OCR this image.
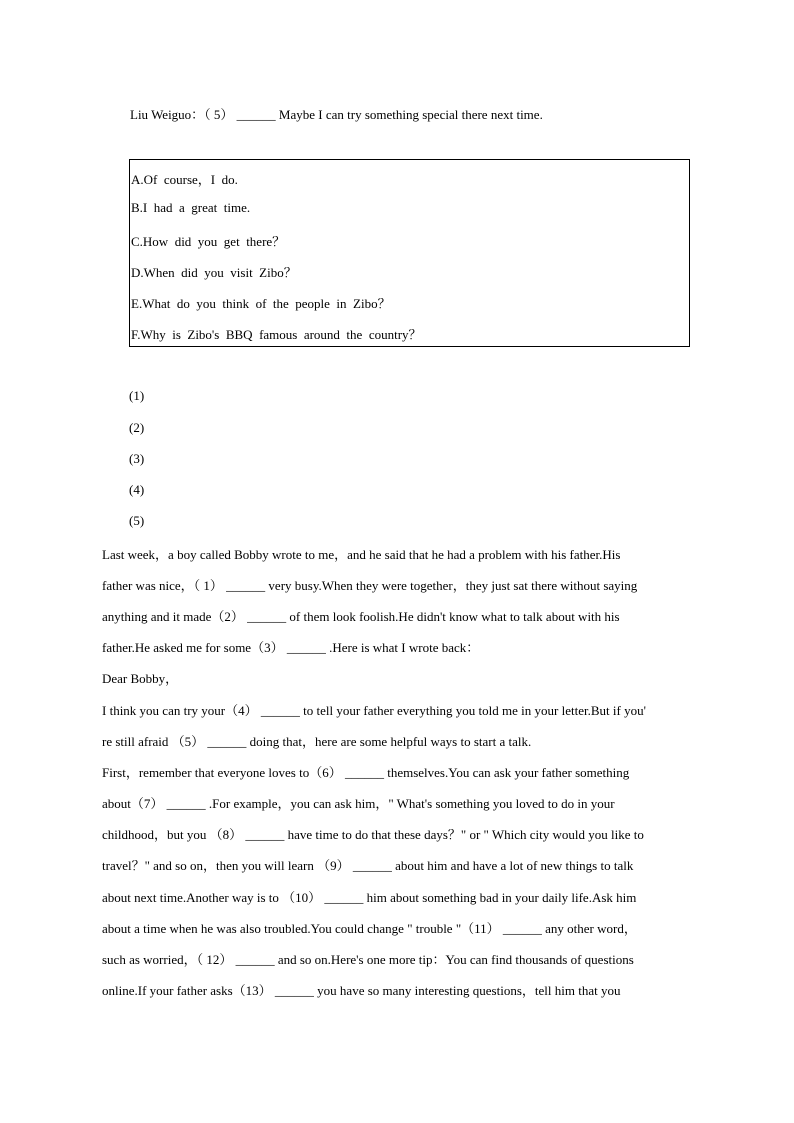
Liu Weiguo：（ 5） ______ Maybe I can try something special there next time.
A.Of  course，I  do.
B.I  had  a  great  time.
C.How  did  you  get  there？
D.When  did  you  visit  Zibo？
E.What  do  you  think  of  the  people  in  Zibo？
F.Why  is  Zibo's  BBQ  famous  around  the  country？
(1)
(2)
(3)
(4)
(5)
Last week，a boy called Bobby wrote to me，and he said that he had a problem with his father.His
father was nice，（ 1） ______ very busy.When they were together，they just sat there without saying
anything and it made（2） ______ of them look foolish.He didn't know what to talk about with his
father.He asked me for some（3） ______ .Here is what I wrote back：
Dear Bobby，
I think you can try your（4） ______ to tell your father everything you told me in your letter.But if you'
re still afraid （5） ______ doing that，here are some helpful ways to start a talk.
First，remember that everyone loves to（6） ______ themselves.You can ask your father something
about（7） ______ .For example，you can ask him，" What's something you loved to do in your
childhood，but you （8） ______ have time to do that these days？" or " Which city would you like to
travel？" and so on，then you will learn （9） ______ about him and have a lot of new things to talk
about next time.Another way is to （10） ______ him about something bad in your daily life.Ask him
about a time when he was also troubled.You could change " trouble "（11） ______ any other word，
such as worried，（ 12） ______ and so on.Here's one more tip：You can find thousands of questions
online.If your father asks（13） ______ you have so many interesting questions，tell him that you
